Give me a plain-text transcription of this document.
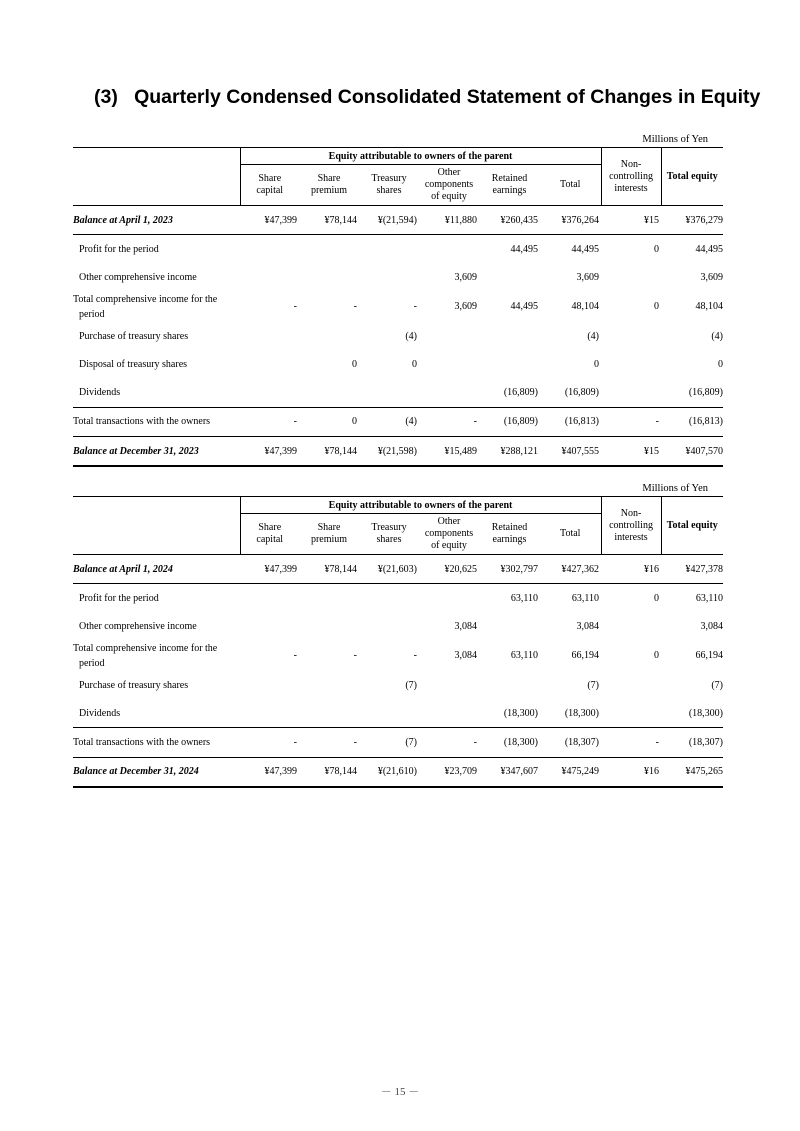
(3)   Quarterly Condensed Consolidated Statement of Changes in Equity
Millions of Yen
	Equity attributable to owners of the parent						Non-
controlling
interests	Total equity
	Share
capital	Share
premium	Treasury
shares	Other
components
of equity	Retained
earnings	Total		
Balance at April 1, 2023	¥47,399	¥78,144	¥(21,594)	¥11,880	¥260,435	¥376,264	¥15	¥376,279
Profit for the period					44,495	44,495	0	44,495
Other comprehensive income				3,609		3,609		3,609

Total comprehensive income for the
period	-	-	-	3,609	44,495	48,104	0	48,104
Purchase of treasury shares			(4)			(4)		(4)
Disposal of treasury shares		0	0			0		0
Dividends					(16,809)	(16,809)		(16,809)
Total transactions with the owners	-	0	(4)	-	(16,809)	(16,813)	-	(16,813)
Balance at December 31, 2023	¥47,399	¥78,144	¥(21,598)	¥15,489	¥288,121	¥407,555	¥15	¥407,570
Millions of Yen
	Equity attributable to owners of the parent						Non-
controlling
interests	Total equity
	Share
capital	Share
premium	Treasury
shares	Other
components
of equity	Retained
earnings	Total		
Balance at April 1, 2024	¥47,399	¥78,144	¥(21,603)	¥20,625	¥302,797	¥427,362	¥16	¥427,378
Profit for the period					63,110	63,110	0	63,110
Other comprehensive income				3,084		3,084		3,084

Total comprehensive income for the
period	-	-	-	3,084	63,110	66,194	0	66,194
Purchase of treasury shares			(7)			(7)		(7)
Dividends					(18,300)	(18,300)		(18,300)
Total transactions with the owners	-	-	(7)	-	(18,300)	(18,307)	-	(18,307)
Balance at December 31, 2024	¥47,399	¥78,144	¥(21,610)	¥23,709	¥347,607	¥475,249	¥16	¥475,265
－ 15 －
